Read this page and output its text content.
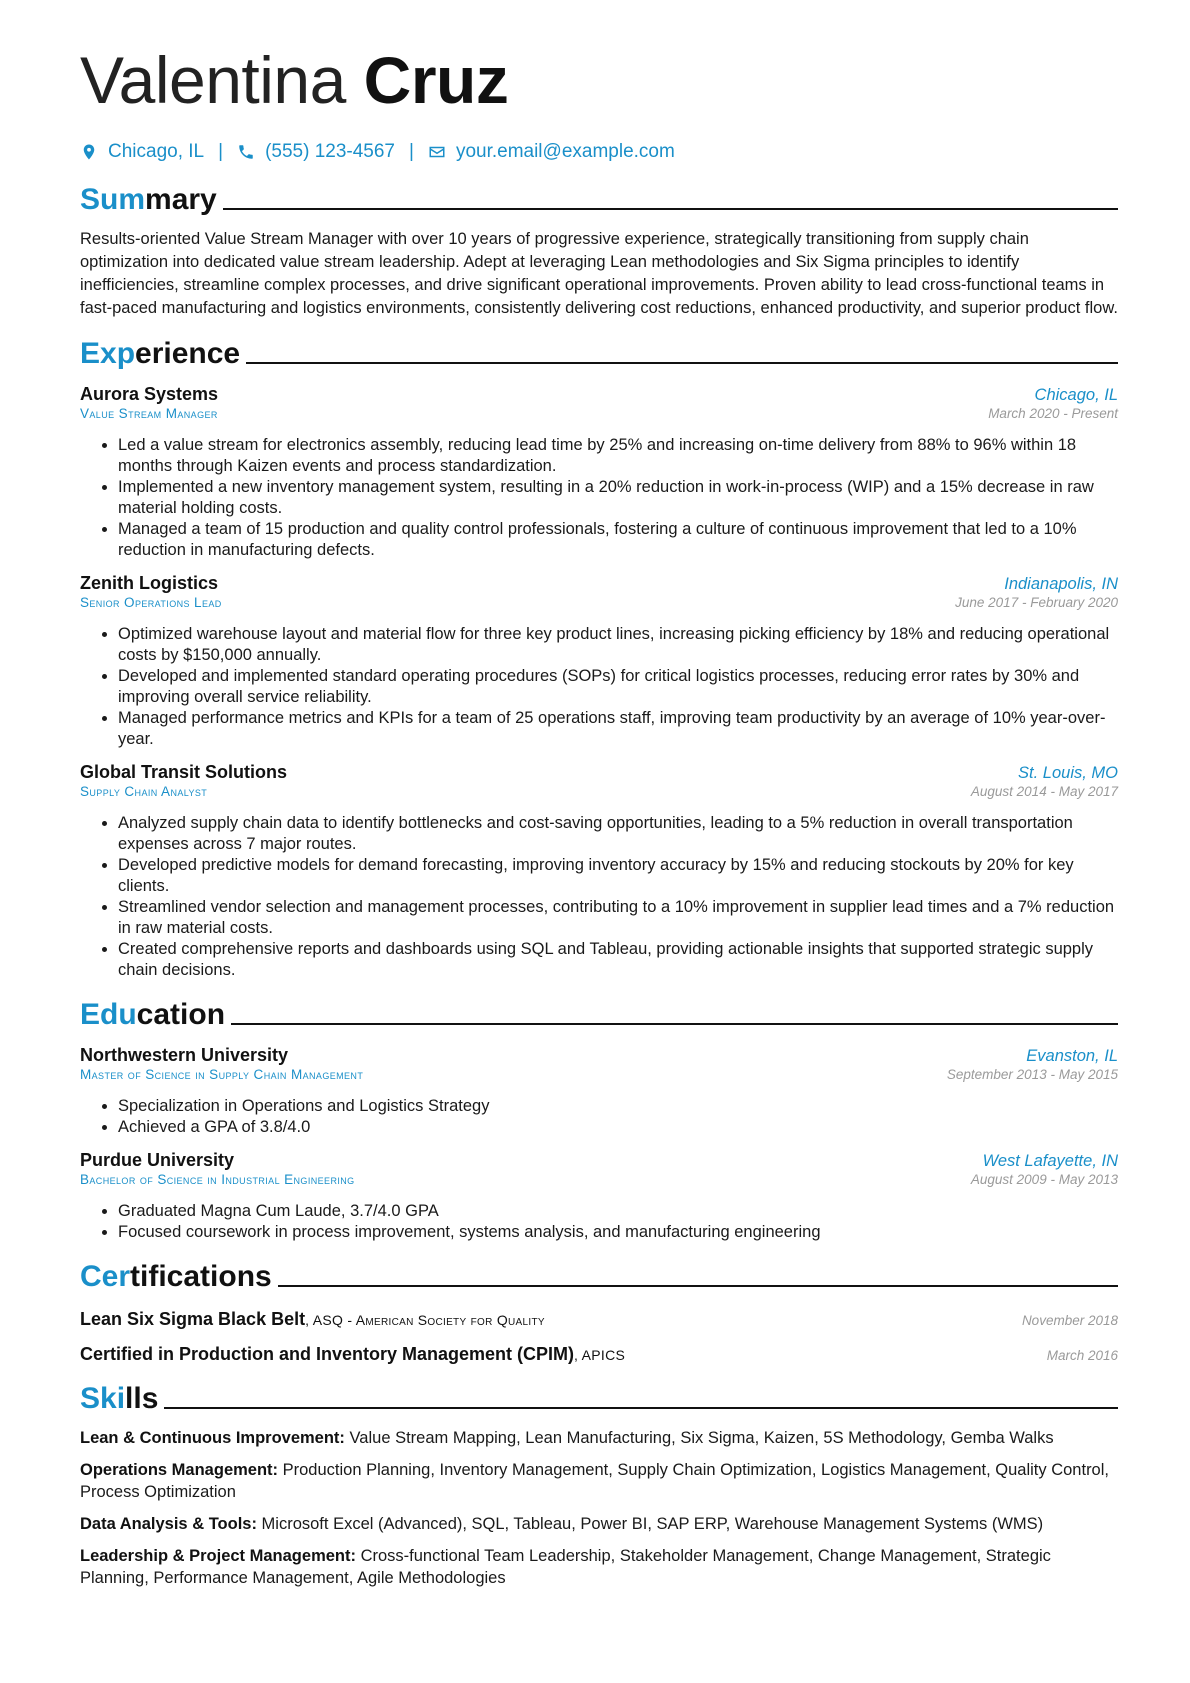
Valentina Cruz
Chicago, IL | (555) 123-4567 | your.email@example.com
Summary

Results-oriented Value Stream Manager with over 10 years of progressive experience, strategically transitioning from supply chain optimization into dedicated value stream leadership. Adept at leveraging Lean methodologies and Six Sigma principles to identify inefficiencies, streamline complex processes, and drive significant operational improvements. Proven ability to lead cross-functional teams in fast-paced manufacturing and logistics environments, consistently delivering cost reductions, enhanced productivity, and superior product flow.

Experience
Aurora Systems	Chicago, IL
Value Stream Manager	March 2020 - Present
• Led a value stream for electronics assembly, reducing lead time by 25% and increasing on-time delivery from 88% to 96% within 18 months through Kaizen events and process standardization.
• Implemented a new inventory management system, resulting in a 20% reduction in work-in-process (WIP) and a 15% decrease in raw material holding costs.
• Managed a team of 15 production and quality control professionals, fostering a culture of continuous improvement that led to a 10% reduction in manufacturing defects.
Zenith Logistics	Indianapolis, IN
Senior Operations Lead	June 2017 - February 2020
• Optimized warehouse layout and material flow for three key product lines, increasing picking efficiency by 18% and reducing operational costs by $150,000 annually.
• Developed and implemented standard operating procedures (SOPs) for critical logistics processes, reducing error rates by 30% and improving overall service reliability.
• Managed performance metrics and KPIs for a team of 25 operations staff, improving team productivity by an average of 10% year-over-year.
Global Transit Solutions	St. Louis, MO
Supply Chain Analyst	August 2014 - May 2017
• Analyzed supply chain data to identify bottlenecks and cost-saving opportunities, leading to a 5% reduction in overall transportation expenses across 7 major routes.
• Developed predictive models for demand forecasting, improving inventory accuracy by 15% and reducing stockouts by 20% for key clients.
• Streamlined vendor selection and management processes, contributing to a 10% improvement in supplier lead times and a 7% reduction in raw material costs.
• Created comprehensive reports and dashboards using SQL and Tableau, providing actionable insights that supported strategic supply chain decisions.
Education
Northwestern University	Evanston, IL
Master of Science in Supply Chain Management	September 2013 - May 2015
• Specialization in Operations and Logistics Strategy
• Achieved a GPA of 3.8/4.0
Purdue University	West Lafayette, IN
Bachelor of Science in Industrial Engineering	August 2009 - May 2013
• Graduated Magna Cum Laude, 3.7/4.0 GPA
• Focused coursework in process improvement, systems analysis, and manufacturing engineering
Certifications
Lean Six Sigma Black Belt, ASQ - American Society for Quality	November 2018
Certified in Production and Inventory Management (CPIM), APICS	March 2016
Skills
Lean & Continuous Improvement: Value Stream Mapping, Lean Manufacturing, Six Sigma, Kaizen, 5S Methodology, Gemba Walks
Operations Management: Production Planning, Inventory Management, Supply Chain Optimization, Logistics Management, Quality Control, Process Optimization
Data Analysis & Tools: Microsoft Excel (Advanced), SQL, Tableau, Power BI, SAP ERP, Warehouse Management Systems (WMS)
Leadership & Project Management: Cross-functional Team Leadership, Stakeholder Management, Change Management, Strategic Planning, Performance Management, Agile Methodologies
